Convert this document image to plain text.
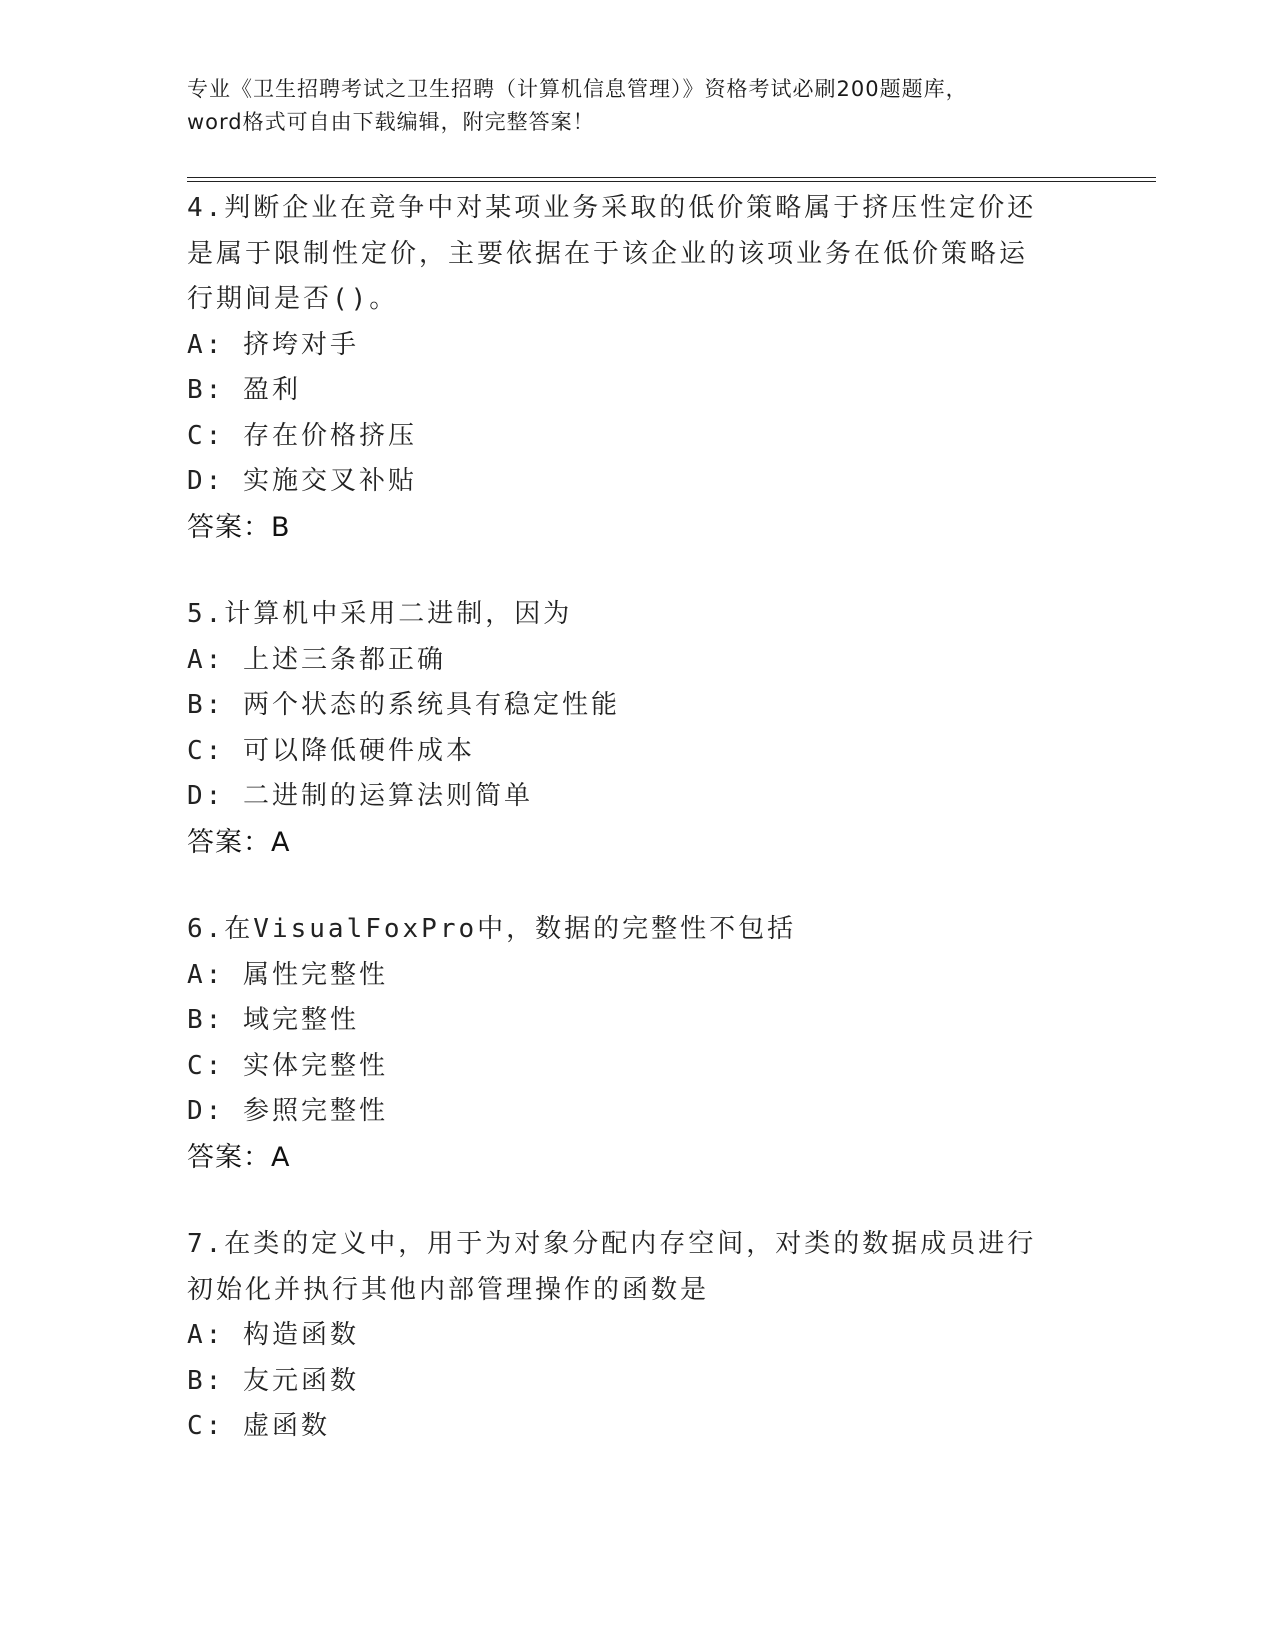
专业《卫生招聘考试之卫生招聘（计算机信息管理）》资格考试必刷200题题库，
word格式可自由下载编辑，附完整答案！
4.判断企业在竞争中对某项业务采取的低价策略属于挤压性定价还是属于限制性定价，主要依据在于该企业的该项业务在低价策略运行期间是否()。
A: 挤垮对手
B: 盈利
C: 存在价格挤压
D: 实施交叉补贴
答案：B
5.计算机中采用二进制，因为
A: 上述三条都正确
B: 两个状态的系统具有稳定性能
C: 可以降低硬件成本
D: 二进制的运算法则简单
答案：A
6.在VisualFoxPro中，数据的完整性不包括
A: 属性完整性
B: 域完整性
C: 实体完整性
D: 参照完整性
答案：A
7.在类的定义中，用于为对象分配内存空间，对类的数据成员进行初始化并执行其他内部管理操作的函数是
A: 构造函数
B: 友元函数
C: 虚函数
